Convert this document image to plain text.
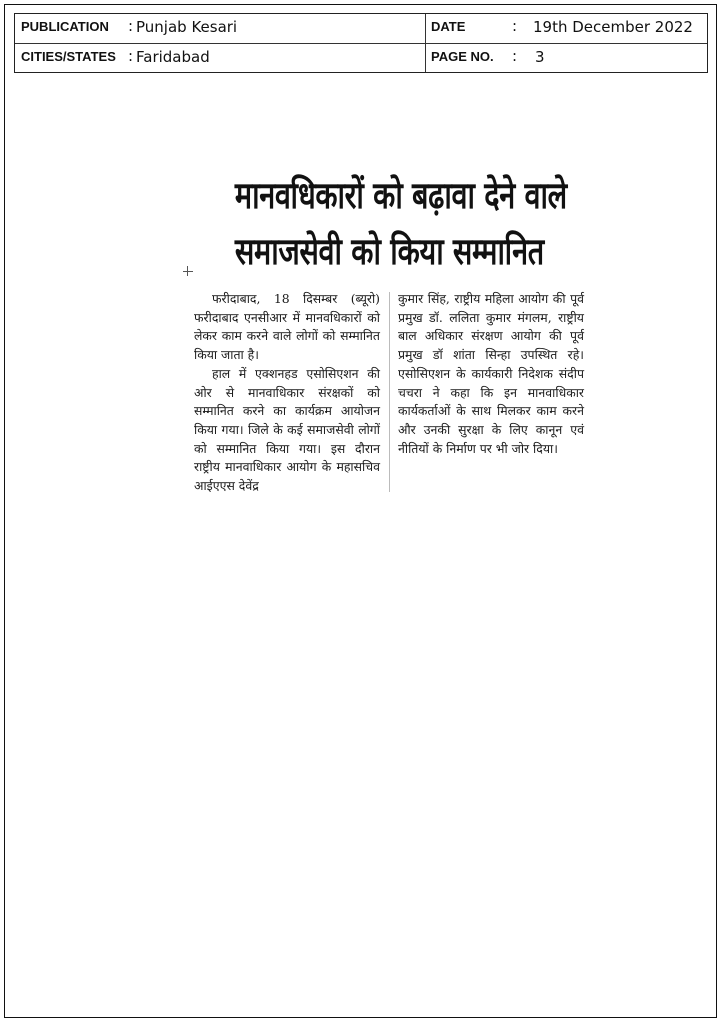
PUBLICATION : Punjab Kesari	DATE	: 19th December 2022
CITIES/STATES : Faridabad	PAGE NO. : 3
मानवधिकारों को बढ़ावा देने वाले
समाजसेवी को किया सम्मानित

फरीदाबाद, 18 दिसम्बर (ब्यूरो) फरीदाबाद एनसीआर में मानवधिकारों को लेकर काम करने वाले लोगों को सम्मानित किया जाता है।

हाल में एक्शनहड एसोसिएशन की ओर से मानवाधिकार संरक्षकों को सम्मानित करने का कार्यक्रम आयोजन किया गया। जिले के कई समाजसेवी लोगों को सम्मानित किया गया। इस दौरान राष्ट्रीय मानवाधिकार आयोग के महासचिव आईएएस देवेंद्र

कुमार सिंह, राष्ट्रीय महिला आयोग की पूर्व प्रमुख डॉ. ललिता कुमार मंगलम, राष्ट्रीय बाल अधिकार संरक्षण आयोग की पूर्व प्रमुख डॉ शांता सिन्हा उपस्थित रहे। एसोसिएशन के कार्यकारी निदेशक संदीप चचरा ने कहा कि इन मानवाधिकार कार्यकर्ताओं के साथ मिलकर काम करने और उनकी सुरक्षा के लिए कानून एवं नीतियों के निर्माण पर भी जोर दिया।
